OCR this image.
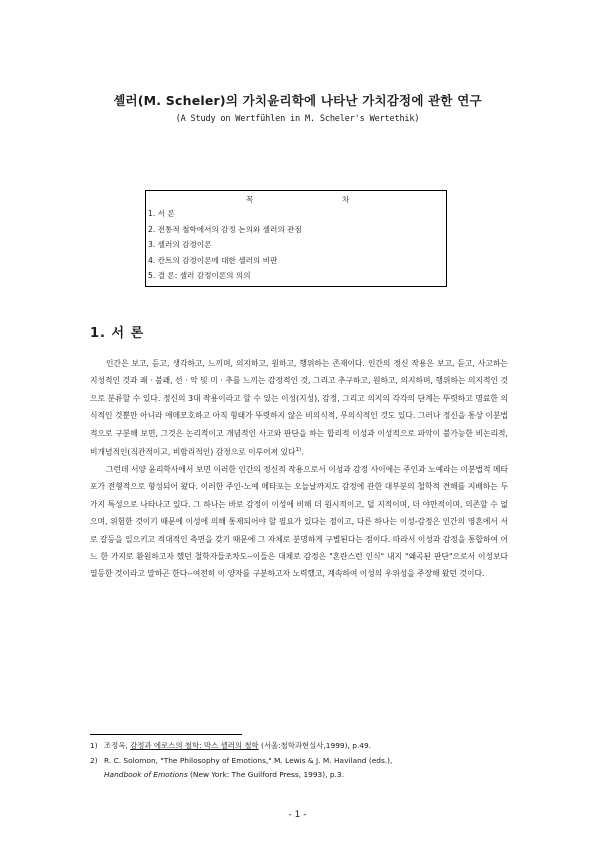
셸러(M. Scheler)의 가치윤리학에 나타난 가치감정에 관한 연구
(A Study on Wertfühlen in M. Scheler's Wertethik)
목	차
1. 서 론
2. 전통적 철학에서의 감정 논의와 셸러의 관점
3. 셸러의 감정이론
4. 칸트의 감정이론에 대한 셸러의 비판
5. 결 론: 셸러 감정이론의 의의
1. 서 론

인간은 보고, 듣고, 생각하고, 느끼며, 의지하고, 원하고, 행위하는 존재이다. 인간의 정신 작용은 보고, 듣고, 사고하는 지성적인 것과 쾌 · 불쾌, 선 · 악 및 미 · 추를 느끼는 감정적인 것, 그리고 추구하고, 원하고, 의지하며, 행위하는 의지적인 것으로 분류할 수 있다. 정신의 3대 작용이라고 할 수 있는 이성(지성), 감정, 그리고 의지의 각각의 단계는 뚜렷하고 명료한 의식적인 것뿐만 아니라 애매모호하고 아직 형태가 뚜렷하지 않은 비의식적, 무의식적인 것도 있다. 그러나 정신을 통상 이분법적으로 구분해 보면, 그것은 논리적이고 개념적인 사고와 판단을 하는 합리적 이성과 이성적으로 파악이 불가능한 비논리적, 비개념적인(직관적이고, 비합리적인) 감정으로 이루어져 있다$^{1)}$.

그런데 서양 윤리학사에서 보면 이러한 인간의 정신적 작용으로서 이성과 감정 사이에는 주인과 노예라는 이분법적 메타포가 전형적으로 형성되어 왔다. 이러한 주인-노예 메타포는 오늘날까지도 감정에 관한 대부분의 철학적 견해를 지배하는 두 가지 특성으로 나타나고 있다. 그 하나는 바로 감정이 이성에 비해 더 원시적이고, 덜 지적이며, 더 야만적이며, 의존할 수 없으며, 위험한 것이기 때문에 이성에 의해 통제되어야 할 필요가 있다는 점이고, 다른 하나는 이성-감정은 인간의 영혼에서 서로 갈등을 일으키고 적대적인 측면을 갖기 때문에 그 자체로 분명하게 구별된다는 점이다. 따라서 이성과 감정을 통합하여 어느 한 가지로 환원하고자 했던 철학자들조차도--이들은 대체로 감정은 "혼란스런 인식" 내지 "왜곡된 판단"으로서 이성보다 열등한 것이라고 말하곤 한다--여전히 이 양자를 구분하고자 노력했고, 계속하여 이성의 우위성을 주장해 왔던 것이다.

1) 조정옥, 감정과 에로스의 철학: 막스 셸러의 철학 (서울:철학과현실사,1999), p.49.
2) R. C. Solomon, "The Philosophy of Emotions," M. Lewis & J. M. Haviland (eds.),
Handbook of Emotions (New York: The Guilford Press, 1993), p.3.
- 1 -
